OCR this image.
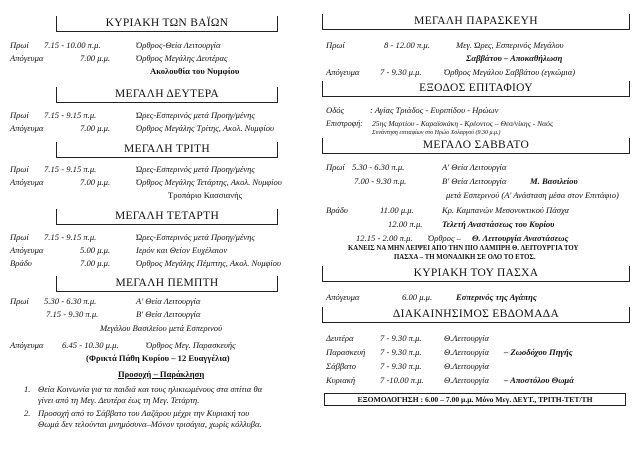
ΚΥΡΙΑΚΗ ΤΩΝ ΒΑΪΩΝ
Πρωί 7.15 - 10.00 π.μ.	Όρθρος-Θεία Λειτουργία
Απόγευμα	7.00 μ.μ.	Όρθρος Μεγάλης Δευτέρας
Ακολουθία του Νυμφίου
ΜΕΓΑΛΗ ΔΕΥΤΕΡΑ
Πρωί 7.15 - 9.15 π.μ.	Ώρες-Εσπερινός μετά Προηγ/μένης
Απόγευμα	7.00 μ.μ.	Όρθρος Μεγάλης Τρίτης, Ακολ. Νυμφίου
ΜΕΓΑΛΗ ΤΡΙΤΗ
Πρωί 7.15 - 9.15 π.μ.	Ώρες-Εσπερινός μετά Προηγ/μένης
Απόγευμα	7.00 μ.μ.	Όρθρος Μεγάλης Τετάρτης, Ακολ. Νυμφίου
Τροπάριο Κασσιανής
ΜΕΓΑΛΗ ΤΕΤΑΡΤΗ
Πρωί 7.15 - 9.15 π.μ.	Ώρες-Εσπερινός μετά Προηγ/μένης
Απόγευμα	5.00 μ.μ.	Ιερόν και Θείον Ευχέλαιον
Βράδυ	7.00 μ.μ.	Όρθρος Μεγάλης Πέμπτης, Ακολ. Νυμφίου
ΜΕΓΑΛΗ ΠΕΜΠΤΗ
Πρωί 5.30 - 6.30 π.μ.	Α' Θεία Λειτουργία
7.15 - 9.30 π.μ.	Β' Θεία Λειτουργία
Μεγάλου Βασιλείου μετά Εσπερινού
Απόγευμα 6.45 - 10.30 μ.μ.	Όρθρος Μεγ. Παρασκευής
(Φρικτά Πάθη Κυρίου – 12 Ευαγγέλια)
Προσοχή – Παράκληση
1. Θεία Κοινωνία για τα παιδιά και τους ηλικιωμένους στα σπίτια θα
γίνει από τη Μεγ. Δευτέρα έως τη Μεγ. Τετάρτη.
2. Προσοχή από το Σάββατο του Λαζάρου μέχρι την Κυριακή του
Θωμά δεν τελούνται μνημόσυνα–Μόνον τρισάγια, χωρίς κόλλυβα.
ΜΕΓΑΛΗ ΠΑΡΑΣΚΕΥΗ
Πρωί	8 - 12.00 π.μ.	Μεγ. Ώρες, Εσπερινός Μεγάλου
Σαββάτου – Αποκαθήλωση
Απόγευμα 7 - 9.30 μ.μ.	Όρθρος Μεγάλου Σαββάτου (εγκώμια)
ΕΞΟΔΟΣ ΕΠΙΤΑΦΙΟΥ
Οδός	: Αγίας Τριάδος - Ευριπίδου - Ηρώων
Επιστροφή: 25ης Μαρτίου - Καραϊσκάκη - Κρέοντος – Θεσ/νίκης - Ναός
Συνάντηση επιταφίων στο Ηρώο Χολαργού (9.30 μ.μ.)
ΜΕΓΑΛΟ ΣΑΒΒΑΤΟ
Πρωί 5.30 - 6.30 π.μ.	Α' Θεία Λειτουργία
7.00 - 9.30 π.μ.	Β' Θεία Λειτουργία	Μ. Βασιλείου
μετά Εσπερινού (Α' Ανάσταση μέσα στον Επιτάφιο)
Βράδυ	11.00 μ.μ.	Κρ. Καμπανών Μεσονυκτικού Πάσχα
12.00 π.μ. Τελετή Αναστάσεως του Κυρίου
12.15 - 2.00 π.μ. Όρθρος – Θ. Λειτουργία Αναστάσεως
ΚΑΝΕΙΣ ΝΑ ΜΗΝ ΛΕΙΨΕΙ ΑΠΟ ΤΗΝ ΠΙΟ ΛΑΜΠΡΗ Θ. ΛΕΙΤΟΥΡΓΙΑ ΤΟΥ
ΠΑΣΧΑ – ΤΗ ΜΟΝΑΔΙΚΗ ΣΕ ΟΛΟ ΤΟ ΕΤΟΣ.
ΚΥΡΙΑΚΗ ΤΟΥ ΠΑΣΧΑ
Απόγευμα	6.00 μ.μ.	Εσπερινός της Αγάπης
ΔΙΑΚΑΙΝΗΣΙΜΟΣ ΕΒΔΟΜΑΔΑ
Δευτέρα	7 - 9.30 π.μ.	Θ.Λειτουργία
Παρασκευή 7 - 9.30 π.μ.	Θ.Λειτουργία – Ζωοδόχου Πηγής
Σάββατο	7 - 9.30 π.μ.	Θ.Λειτουργία
Κυριακή	7 -10.00 π.μ. Θ.Λειτουργία – Αποστόλου Θωμά
ΕΞΟΜΟΛΟΓΗΣΗ : 6.00 – 7.00 μ.μ. Μόνο Μεγ. ΔΕΥΤ., ΤΡΙΤΗ-ΤΕΤ/ΤΗ
